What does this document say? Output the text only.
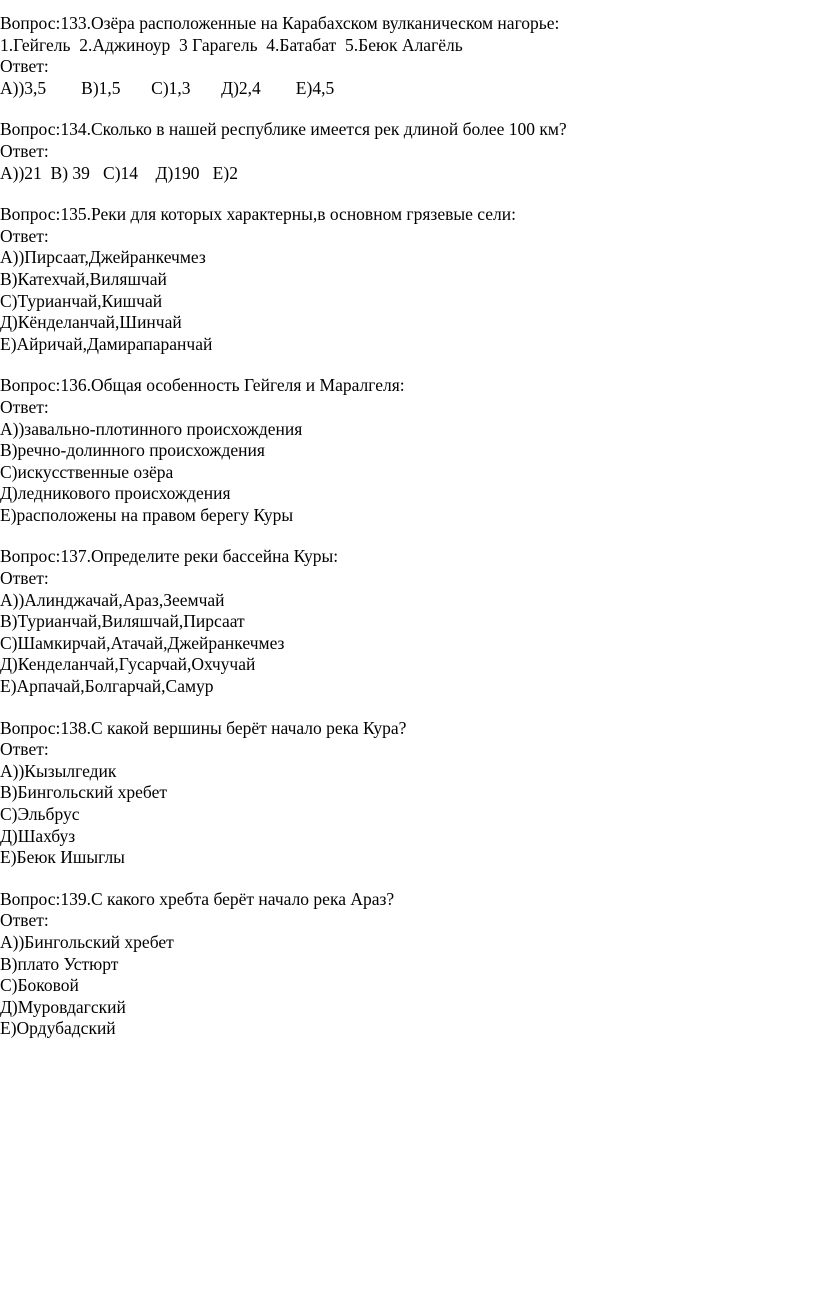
Вопрос:133.Озёра расположенные на Карабахском вулканическом нагорье:
1.Гейгель  2.Аджиноур  3 Гарагель  4.Батабат  5.Беюк Алагёль
Ответ:
А))3,5        В)1,5       С)1,3       Д)2,4        Е)4,5
Вопрос:134.Сколько в нашей республике имеется рек длиной более 100 км?
Ответ:
А))21  В) 39   С)14    Д)190   Е)2
Вопрос:135.Реки для которых характерны,в основном грязевые сели:
Ответ:
А))Пирсаат,Джейранкечмез
В)Катехчай,Виляшчай
С)Турианчай,Кишчай
Д)Кёнделанчай,Шинчай
Е)Айричай,Дамирапаранчай
Вопрос:136.Общая особенность Гейгеля и Маралгеля:
Ответ:
А))завально-плотинного происхождения
В)речно-долинного происхождения
С)искусственные озёра
Д)ледникового происхождения
Е)расположены на правом берегу Куры
Вопрос:137.Определите реки бассейна Куры:
Ответ:
А))Алинджачай,Араз,Зеемчай
В)Турианчай,Виляшчай,Пирсаат
С)Шамкирчай,Атачай,Джейранкечмез
Д)Кенделанчай,Гусарчай,Охчучай
Е)Арпачай,Болгарчай,Самур
Вопрос:138.С какой вершины берёт начало река Кура?
Ответ:
А))Кызылгедик
В)Бингольский хребет
С)Эльбрус
Д)Шахбуз
Е)Беюк Ишыглы
Вопрос:139.С какого хребта берёт начало река Араз?
Ответ:
А))Бингольский хребет
В)плато Устюрт
С)Боковой
Д)Муровдагский
Е)Ордубадский
